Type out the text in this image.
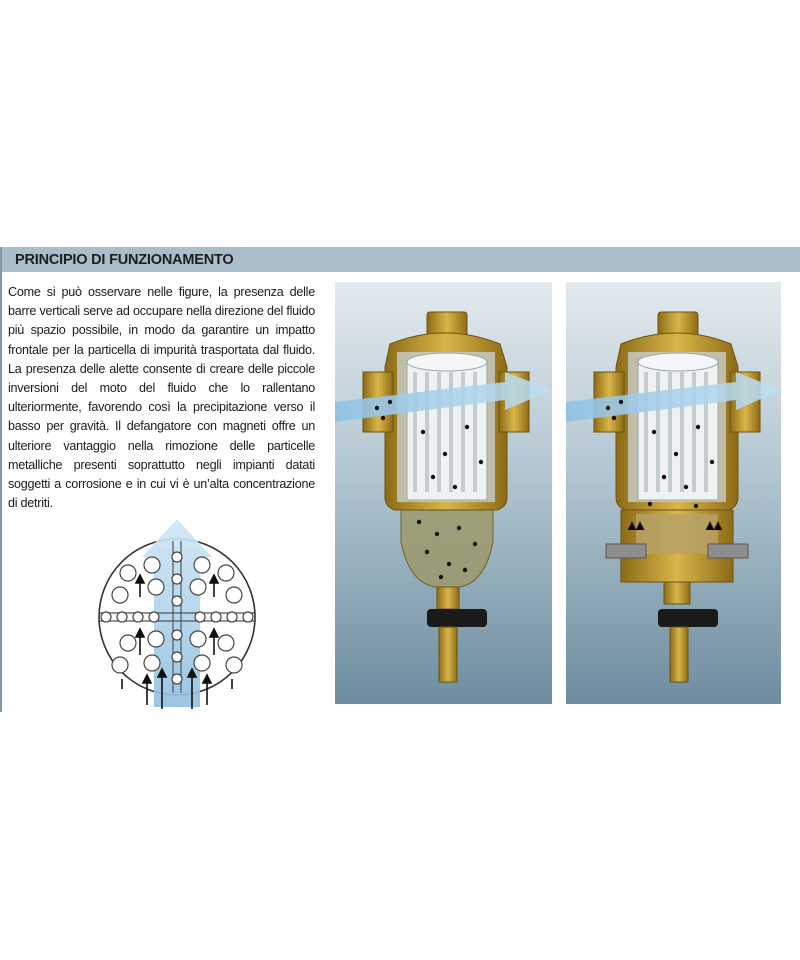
PRINCIPIO DI FUNZIONAMENTO
Come si può osservare nelle figure, la presenza delle barre verticali serve ad occupare nella direzione del fluido più spazio possibile, in modo da garantire un impatto frontale per la particella di impurità trasportata dal fluido. La presenza delle alette consente di creare delle piccole inversioni del moto del fluido che lo rallentano ulteriormente, favorendo così la precipitazione verso il basso per gravità. Il defangatore con magneti offre un ulteriore vantaggio nella rimozione delle particelle metalliche presenti soprattutto negli impianti datati soggetti a corrosione e in cui vi è un’alta concentrazione di detriti.
